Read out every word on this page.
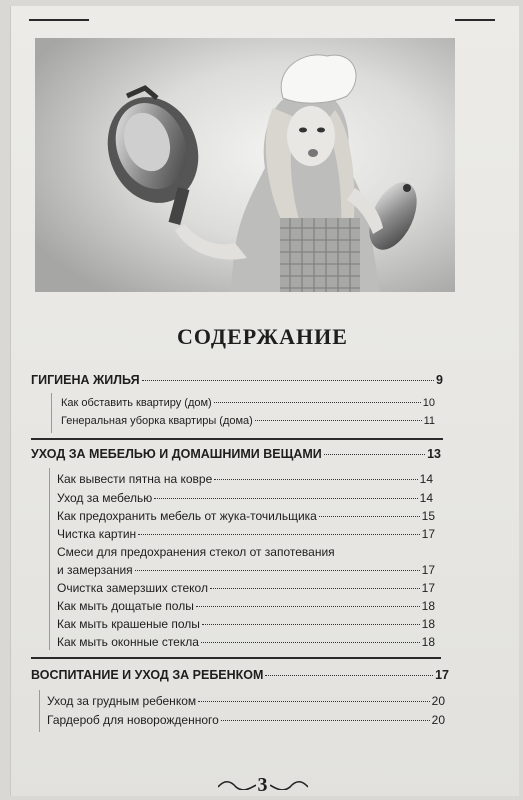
СОДЕРЖАНИЕ
ГИГИЕНА ЖИЛЬЯ	9
Как обставить квартиру (дом)	10
Генеральная уборка квартиры (дома)	11
УХОД ЗА МЕБЕЛЬЮ И ДОМАШНИМИ ВЕЩАМИ	13
Как вывести пятна на ковре	14
Уход за мебелью	14
Как предохранить мебель от жука-точильщика	15
Чистка картин	17
Смеси для предохранения стекол от запотевания
и замерзания	17
Очистка замерзших стекол	17
Как мыть дощатые полы	18
Как мыть крашеные полы	18
Как мыть оконные стекла	18
ВОСПИТАНИЕ И УХОД ЗА РЕБЕНКОМ	17
Уход за грудным ребенком	20
Гардероб для новорожденного	20
3
